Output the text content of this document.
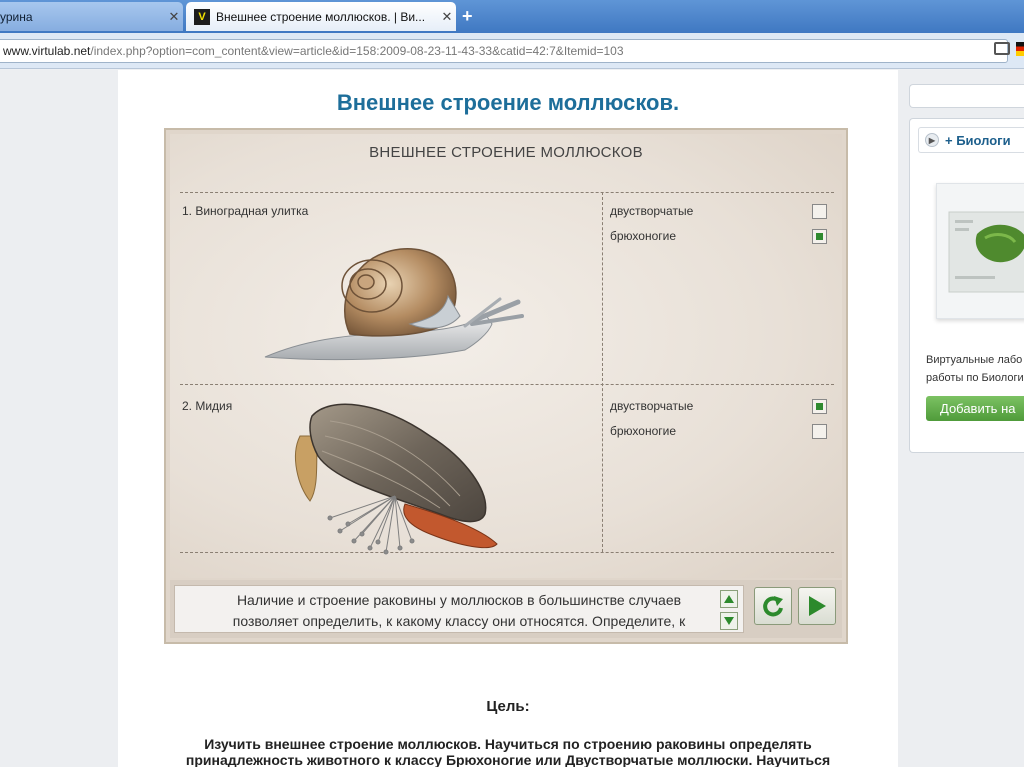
урина	✕	V Внешнее строение моллюсков. | Ви...	✕ +
www.virtulab.net/index.php?option=com_content&view=article&id=158:2009-08-23-11-43-33&catid=42:7&Itemid=103
Внешнее строение моллюсков.
ВНЕШНЕЕ СТРОЕНИЕ МОЛЛЮСКОВ
1. Виноградная улитка	двустворчатые
брюхоногие
2. Мидия	двустворчатые
брюхоногие
Наличие и строение раковины у моллюсков в большинстве случаев позволяет определить, к какому классу они относятся. Определите, к
Цель:
Изучить внешнее строение моллюсков. Научиться по строению раковины определять принадлежность животного к классу Брюхоногие или Двустворчатые моллюски. Научиться
▶ + Биологи
Виртуальные лабо
работы по Биологи
Добавить на
